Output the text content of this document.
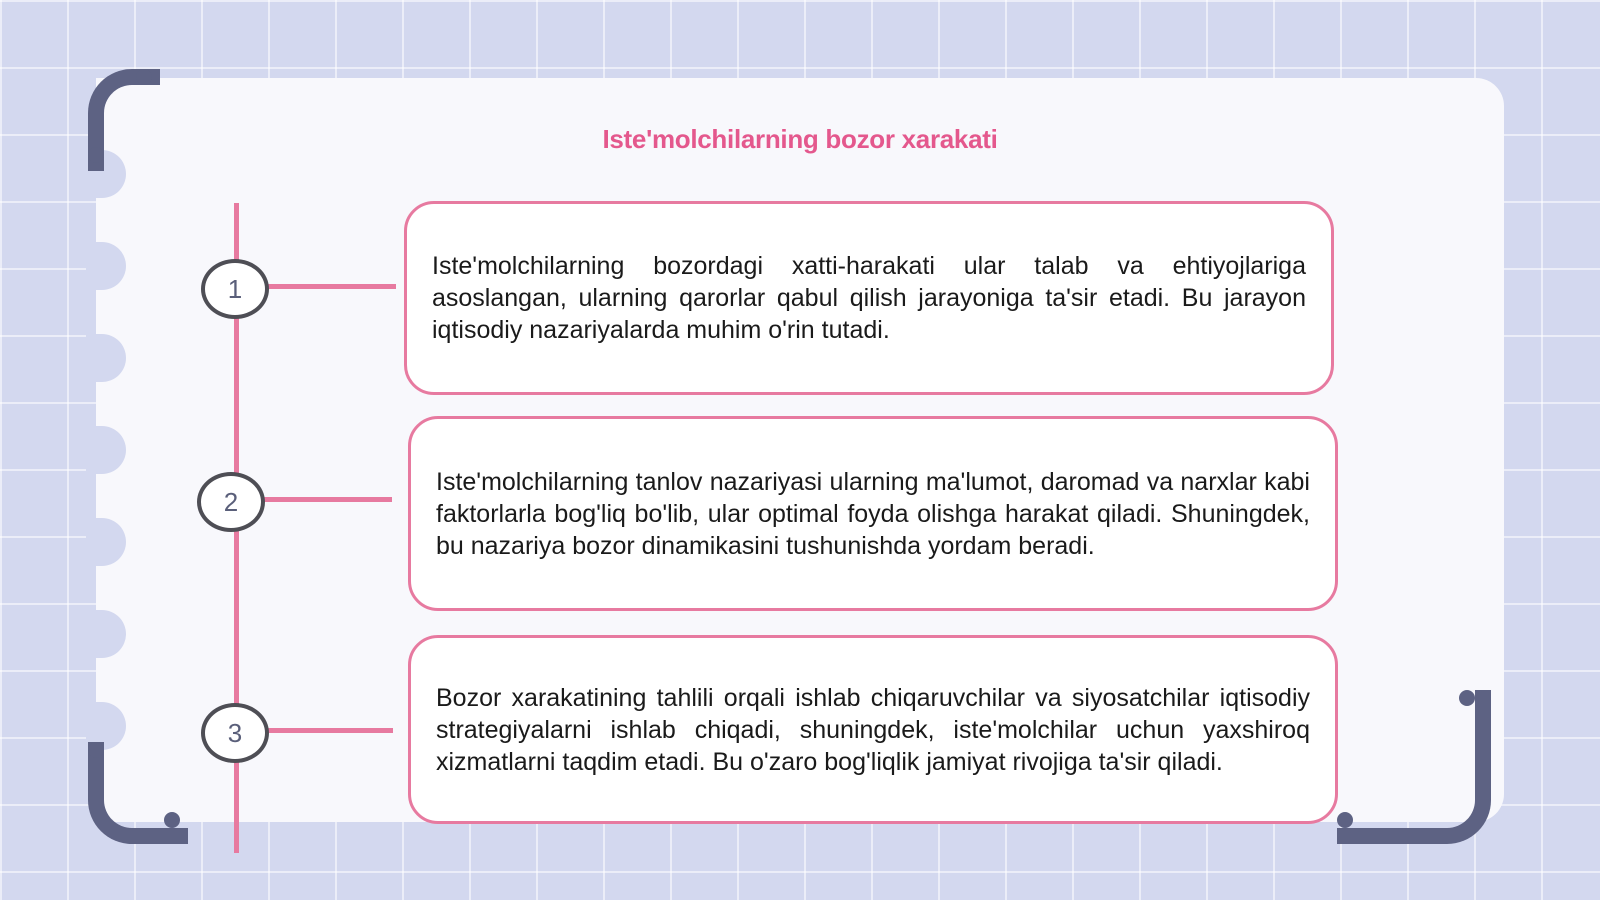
Iste'molchilarning bozor xarakati
1
2
3

Iste'molchilarning bozordagi xatti-harakati ular talab va ehtiyojlariga asoslangan, ularning qarorlar qabul qilish jarayoniga ta'sir etadi. Bu jarayon iqtisodiy nazariyalarda muhim o'rin tutadi.

Iste'molchilarning tanlov nazariyasi ularning ma'lumot, daromad va narxlar kabi faktorlarla bog'liq bo'lib, ular optimal foyda olishga harakat qiladi. Shuningdek, bu nazariya bozor dinamikasini tushunishda yordam beradi.

Bozor xarakatining tahlili orqali ishlab chiqaruvchilar va siyosatchilar iqtisodiy strategiyalarni ishlab chiqadi, shuningdek, iste'molchilar uchun yaxshiroq xizmatlarni taqdim etadi. Bu o'zaro bog'liqlik jamiyat rivojiga ta'sir qiladi.
